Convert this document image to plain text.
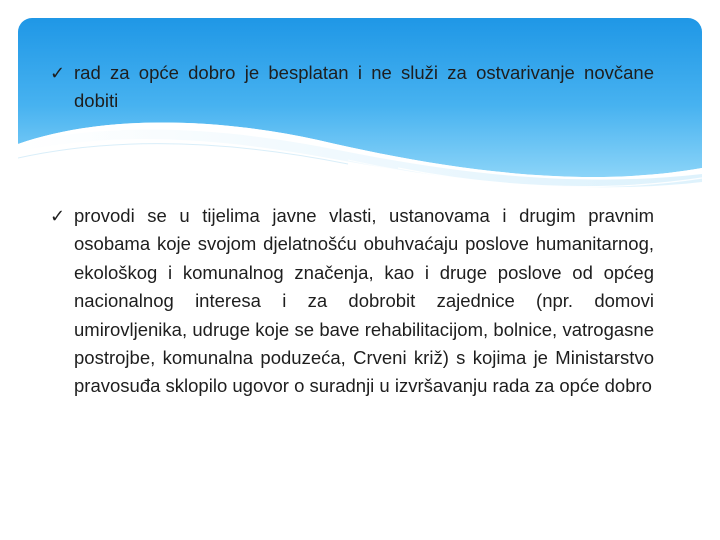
✓ rad za opće dobro je besplatan i ne služi za ostvarivanje novčane dobiti
✓ provodi se u tijelima javne vlasti, ustanovama i drugim pravnim osobama koje svojom djelatnošću obuhvaćaju poslove humanitarnog, ekološkog i komunalnog značenja, kao i druge poslove od općeg nacionalnog interesa i za dobrobit zajednice (npr. domovi umirovljenika, udruge koje se bave rehabilitacijom, bolnice, vatrogasne postrojbe, komunalna poduzeća, Crveni križ) s kojima je Ministarstvo pravosuđa sklopilo ugovor o suradnji u izvršavanju rada za opće dobro
